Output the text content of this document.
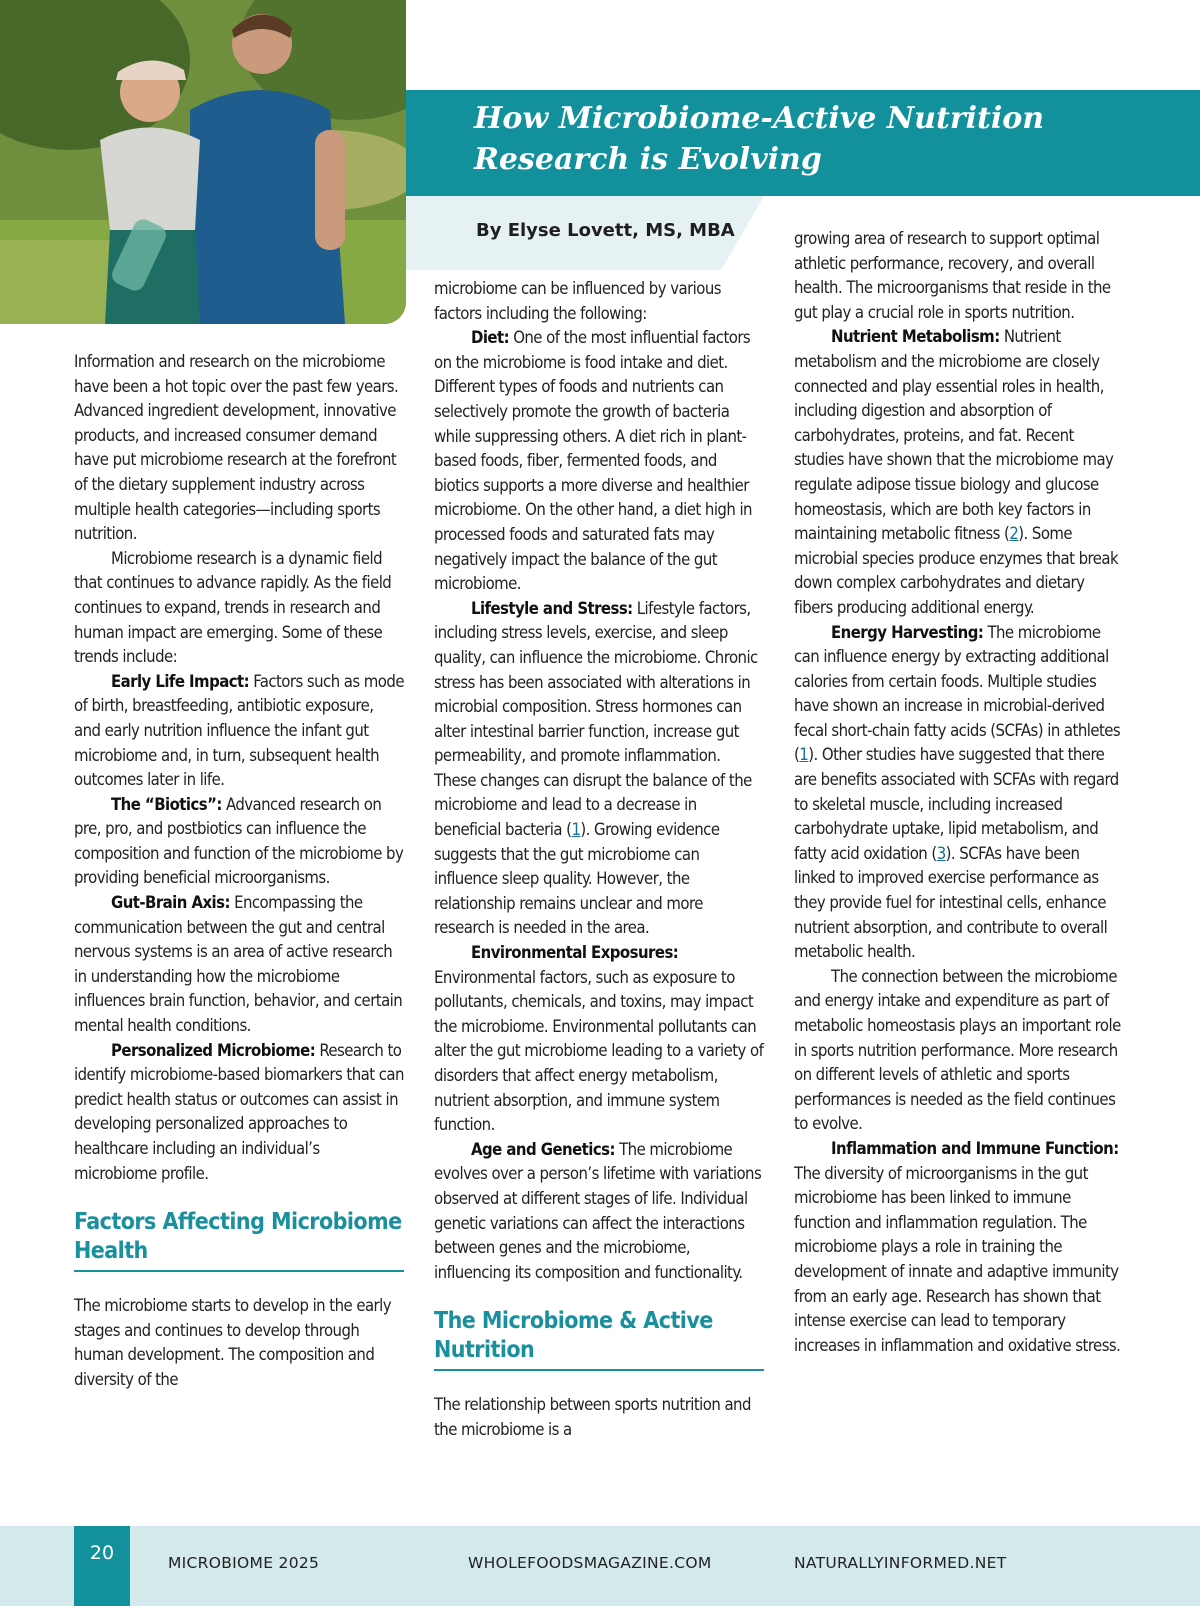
How Microbiome-Active Nutrition
Research is Evolving
By Elyse Lovett, MS, MBA

Information and research on the microbiome have been a hot topic over the past few years. Advanced ingredient development, innovative products, and increased consumer demand have put microbiome research at the forefront of the dietary supplement industry across multiple health categories—including sports nutrition.

Microbiome research is a dynamic field that continues to advance rapidly. As the field continues to expand, trends in research and human impact are emerging. Some of these trends include:

Early Life Impact: Factors such as mode of birth, breastfeeding, antibiotic exposure, and early nutrition influence the infant gut microbiome and, in turn, subsequent health outcomes later in life.

The “Biotics”: Advanced research on pre, pro, and postbiotics can influence the composition and function of the microbiome by providing beneficial microorganisms.

Gut-Brain Axis: Encompassing the communication between the gut and central nervous systems is an area of active research in understanding how the microbiome influences brain function, behavior, and certain mental health conditions.

Personalized Microbiome: Research to identify microbiome-based biomarkers that can predict health status or outcomes can assist in developing personalized approaches to healthcare including an individual’s microbiome profile.

Factors Affecting Microbiome Health

The microbiome starts to develop in the early stages and continues to develop through human development. The composition and diversity of the

microbiome can be influenced by various factors including the following:

Diet: One of the most influential factors on the microbiome is food intake and diet. Different types of foods and nutrients can selectively promote the growth of bacteria while suppressing others. A diet rich in plant-based foods, fiber, fermented foods, and biotics supports a more diverse and healthier microbiome. On the other hand, a diet high in processed foods and saturated fats may negatively impact the balance of the gut microbiome.

Lifestyle and Stress: Lifestyle factors, including stress levels, exercise, and sleep quality, can influence the microbiome. Chronic stress has been associated with alterations in microbial composition. Stress hormones can alter intestinal barrier function, increase gut permeability, and promote inflammation. These changes can disrupt the balance of the microbiome and lead to a decrease in beneficial bacteria (1). Growing evidence suggests that the gut microbiome can influence sleep quality. However, the relationship remains unclear and more research is needed in the area.

Environmental Exposures: Environmental factors, such as exposure to pollutants, chemicals, and toxins, may impact the microbiome. Environmental pollutants can alter the gut microbiome leading to a variety of disorders that affect energy metabolism, nutrient absorption, and immune system function.

Age and Genetics: The microbiome evolves over a person’s lifetime with variations observed at different stages of life. Individual genetic variations can affect the interactions between genes and the microbiome, influencing its composition and functionality.

The Microbiome & Active Nutrition

The relationship between sports nutrition and the microbiome is a

growing area of research to support optimal athletic performance, recovery, and overall health. The microorganisms that reside in the gut play a crucial role in sports nutrition.

Nutrient Metabolism: Nutrient metabolism and the microbiome are closely connected and play essential roles in health, including digestion and absorption of carbohydrates, proteins, and fat. Recent studies have shown that the microbiome may regulate adipose tissue biology and glucose homeostasis, which are both key factors in maintaining metabolic fitness (2). Some microbial species produce enzymes that break down complex carbohydrates and dietary fibers producing additional energy.

Energy Harvesting: The microbiome can influence energy by extracting additional calories from certain foods. Multiple studies have shown an increase in microbial-derived fecal short-chain fatty acids (SCFAs) in athletes (1). Other studies have suggested that there are benefits associated with SCFAs with regard to skeletal muscle, including increased carbohydrate uptake, lipid metabolism, and fatty acid oxidation (3). SCFAs have been linked to improved exercise performance as they provide fuel for intestinal cells, enhance nutrient absorption, and contribute to overall metabolic health.

The connection between the microbiome and energy intake and expenditure as part of metabolic homeostasis plays an important role in sports nutrition performance. More research on different levels of athletic and sports performances is needed as the field continues to evolve.

Inflammation and Immune Function: The diversity of microorganisms in the gut microbiome has been linked to immune function and inflammation regulation. The microbiome plays a role in training the development of innate and adaptive immunity from an early age. Research has shown that intense exercise can lead to temporary increases in inflammation and oxidative stress.

20	MICROBIOME 2025	WHOLEFOODSMAGAZINE.COM	NATURALLYINFORMED.NET
